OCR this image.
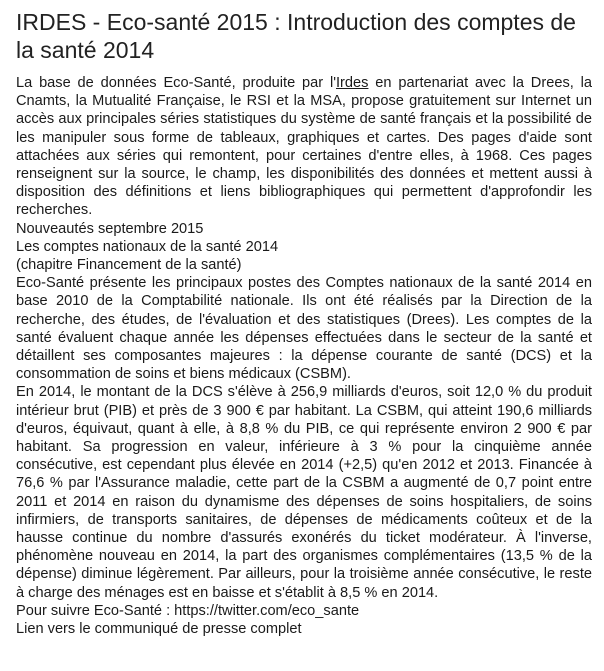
IRDES - Eco-santé 2015 : Introduction des comptes de la santé 2014

La base de données Eco-Santé, produite par l'Irdes en partenariat avec la Drees, la Cnamts, la Mutualité Française, le RSI et la MSA, propose gratuitement sur Internet un accès aux principales séries statistiques du système de santé français et la possibilité de les manipuler sous forme de tableaux, graphiques et cartes. Des pages d'aide sont attachées aux séries qui remontent, pour certaines d'entre elles, à 1968. Ces pages renseignent sur la source, le champ, les disponibilités des données et mettent aussi à disposition des définitions et liens bibliographiques qui permettent d'approfondir les recherches.

Nouveautés septembre 2015

Les comptes nationaux de la santé 2014

(chapitre Financement de la santé)

Eco-Santé présente les principaux postes des Comptes nationaux de la santé 2014 en base 2010 de la Comptabilité nationale. Ils ont été réalisés par la Direction de la recherche, des études, de l'évaluation et des statistiques (Drees). Les comptes de la santé évaluent chaque année les dépenses effectuées dans le secteur de la santé et détaillent ses composantes majeures : la dépense courante de santé (DCS) et la consommation de soins et biens médicaux (CSBM).

En 2014, le montant de la DCS s'élève à 256,9 milliards d'euros, soit 12,0 % du produit intérieur brut (PIB) et près de 3 900 € par habitant. La CSBM, qui atteint 190,6 milliards d'euros, équivaut, quant à elle, à 8,8 % du PIB, ce qui représente environ 2 900 € par habitant. Sa progression en valeur, inférieure à 3 % pour la cinquième année consécutive, est cependant plus élevée en 2014 (+2,5) qu'en 2012 et 2013. Financée à 76,6 % par l'Assurance maladie, cette part de la CSBM a augmenté de 0,7 point entre 2011 et 2014 en raison du dynamisme des dépenses de soins hospitaliers, de soins infirmiers, de transports sanitaires, de dépenses de médicaments coûteux et de la hausse continue du nombre d'assurés exonérés du ticket modérateur. À l'inverse, phénomène nouveau en 2014, la part des organismes complémentaires (13,5 % de la dépense) diminue légèrement. Par ailleurs, pour la troisième année consécutive, le reste à charge des ménages est en baisse et s'établit à 8,5 % en 2014.

Pour suivre Eco-Santé : https://twitter.com/eco_sante

Lien vers le communiqué de presse complet
